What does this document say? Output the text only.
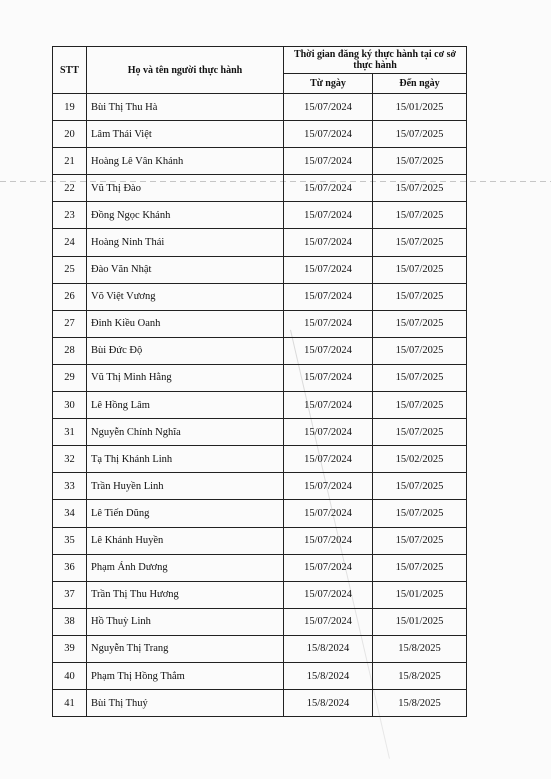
STT	Họ và tên người thực hành	Thời gian đăng ký thực hành tại cơ sở thực hành	
		Từ ngày	Đến ngày
19	Bùi Thị Thu Hà	15/07/2024	15/01/2025
20	Lâm Thái Việt	15/07/2024	15/07/2025
21	Hoàng Lê Vân Khánh	15/07/2024	15/07/2025
22	Vũ Thị Đào	15/07/2024	15/07/2025
23	Đồng Ngọc Khánh	15/07/2024	15/07/2025
24	Hoàng Ninh Thái	15/07/2024	15/07/2025
25	Đào Văn Nhật	15/07/2024	15/07/2025
26	Võ Việt Vương	15/07/2024	15/07/2025
27	Đinh Kiều Oanh	15/07/2024	15/07/2025
28	Bùi Đức Độ	15/07/2024	15/07/2025
29	Vũ Thị Minh Hằng	15/07/2024	15/07/2025
30	Lê Hồng Lâm	15/07/2024	15/07/2025
31	Nguyễn Chính Nghĩa	15/07/2024	15/07/2025
32	Tạ Thị Khánh Linh	15/07/2024	15/02/2025
33	Trần Huyền Linh	15/07/2024	15/07/2025
34	Lê Tiến Dũng	15/07/2024	15/07/2025
35	Lê Khánh Huyền	15/07/2024	15/07/2025
36	Phạm Ánh Dương	15/07/2024	15/07/2025
37	Trần Thị Thu Hương	15/07/2024	15/01/2025
38	Hồ Thuỳ Linh	15/07/2024	15/01/2025
39	Nguyễn Thị Trang	15/8/2024	15/8/2025
40	Phạm Thị Hồng Thắm	15/8/2024	15/8/2025
41	Bùi Thị Thuý	15/8/2024	15/8/2025
